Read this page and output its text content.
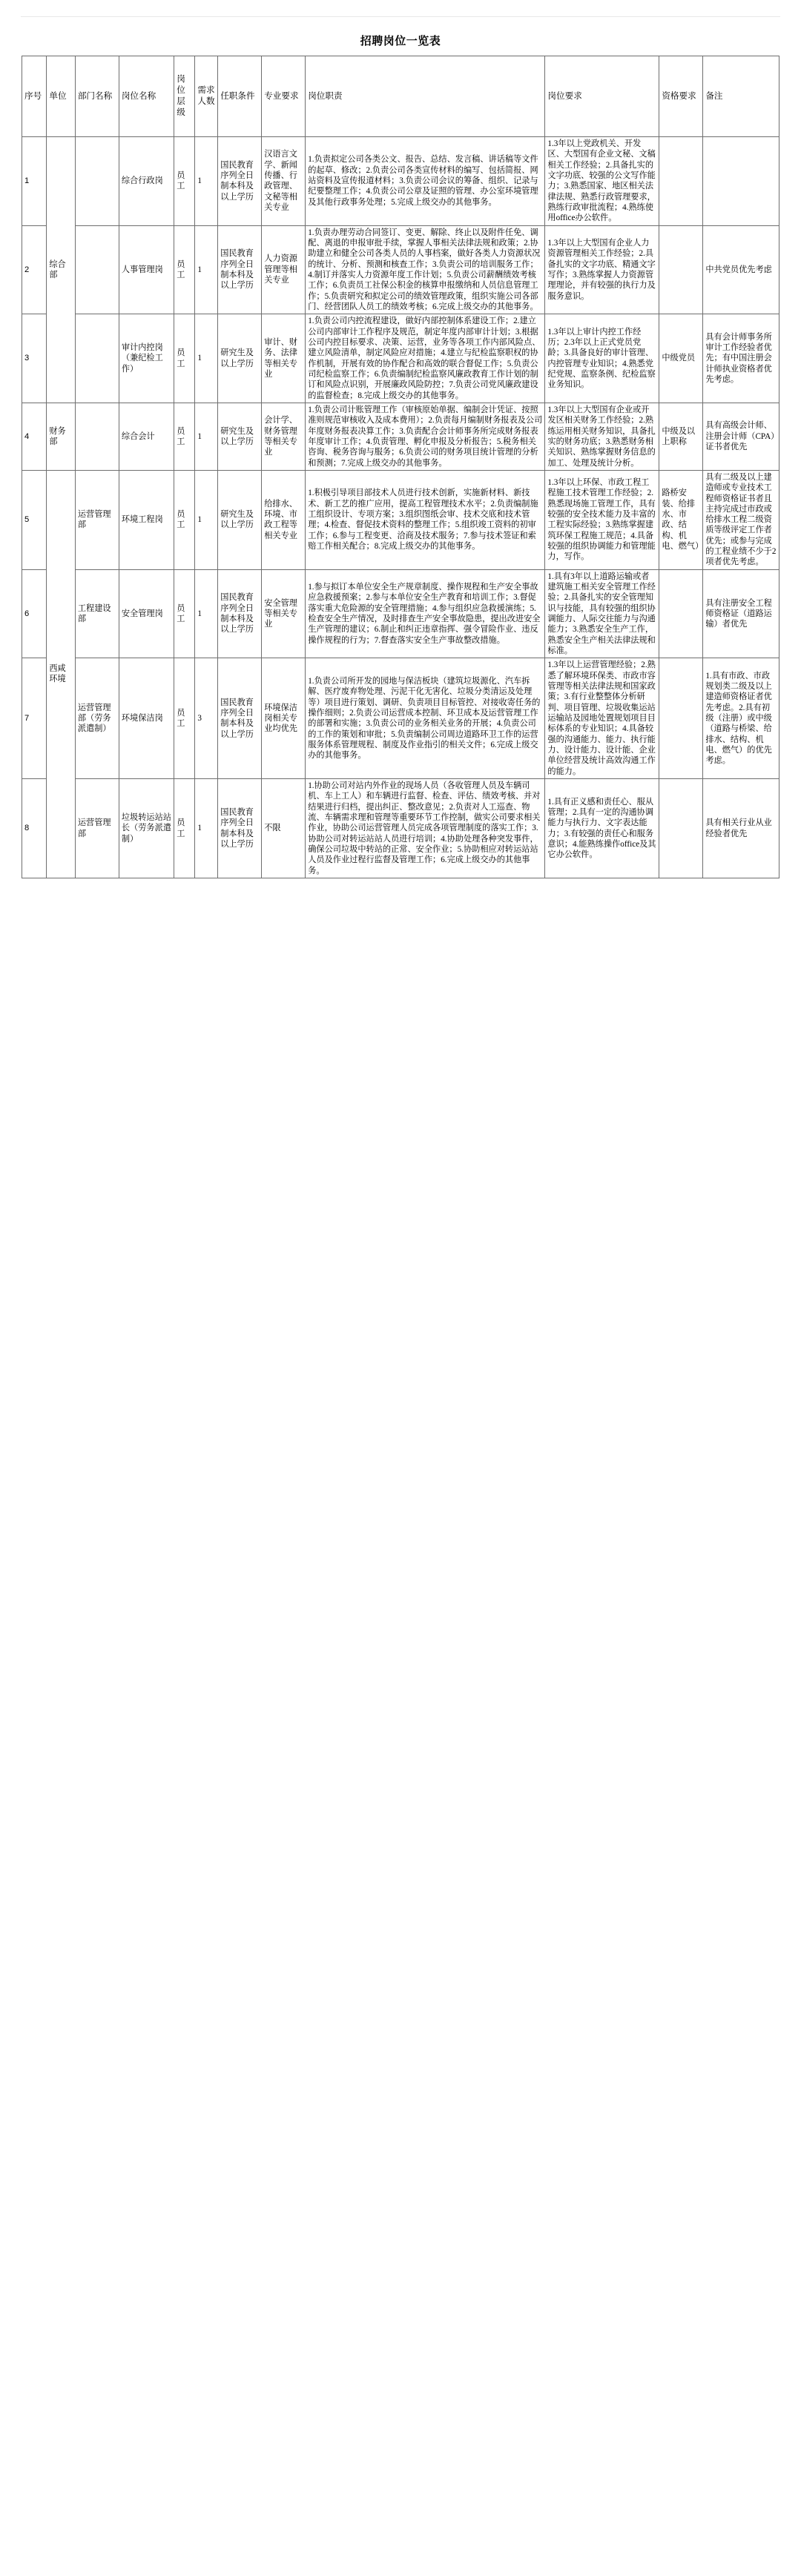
招聘岗位一览表
序号	单位	部门名称	岗位名称	岗位层级	需求人数	任职条件	专业要求	岗位职责	岗位要求	资格要求	备注
1	综合部		综合行政岗	员工	1	国民教育序列全日制本科及以上学历	汉语言文学、新闻传播、行政管理、文秘等相关专业	1.负责拟定公司各类公文、报告、总结、发言稿、讲话稿等文件的起草、修改；2.负责公司各类宣传材料的编写、包括简报、网站资料及宣传报道材料；3.负责公司会议的筹备、组织、记录与纪要整理工作；4.负责公司公章及证照的管理、办公室环境管理及其他行政事务处理；5.完成上级交办的其他事务。	1.3年以上党政机关、开发区、大型国有企业文秘、文稿相关工作经验；2.具备扎实的文字功底、较强的公文写作能力；3.熟悉国家、地区相关法律法规、熟悉行政管理要求，熟练行政审批流程；4.熟练使用office办公软件。		
2			人事管理岗	员工	1	国民教育序列全日制本科及以上学历	人力资源管理等相关专业	1.负责办理劳动合同签订、变更、解除、终止以及附件任免、调配、离退的申报审批手续，掌握人事相关法律法规和政策；2.协助建立和健全公司各类人员的人事档案，做好各类人力资源状况的统计、分析、预测和核查工作；3.负责公司的培训服务工作；4.制订并落实人力资源年度工作计划；5.负责公司薪酬绩效考核工作；6.负责员工社保公积金的核算申报缴纳和人员信息管理工作；5.负责研究和拟定公司的绩效管理政策，组织实施公司各部门、经营团队人员工的绩效考核；6.完成上级交办的其他事务。	1.3年以上大型国有企业人力资源管理相关工作经验；2.具备扎实的文字功底、精通文字写作；3.熟练掌握人力资源管理理论，并有较强的执行力及服务意识。		中共党员优先考虑
3			审计内控岗（兼纪检工作）	员工	1	研究生及以上学历	审计、财务、法律等相关专业	1.负责公司内控流程建设，做好内部控制体系建设工作；2.建立公司内部审计工作程序及规范，制定年度内部审计计划；3.根据公司内控目标要求、决策、运营，业务等各项工作内部风险点、建立风险清单，制定风险应对措施；4.建立与纪检监察职权的协作机制，开展有效的协作配合和高效的联合督促工作；5.负责公司纪检监察工作；6.负责编制纪检监察风廉政教育工作计划的制订和风险点识别，开展廉政风险防控；7.负责公司党风廉政建设的监督检查；8.完成上级交办的其他事务。	1.3年以上审计内控工作经历；2.3年以上正式党员党龄；3.具备良好的审计管理、内控管理专业知识；4.熟悉党纪党规、监察条例、纪检监察业务知识。	中级党员	具有会计师事务所审计工作经验者优先；有中国注册会计师执业资格者优先考虑。
4	财务部		综合会计	员工	1	研究生及以上学历	会计学、财务管理等相关专业	1.负责公司计账管理工作（审核原始单据、编制会计凭证、按照准则规范审核收入及成本费用）；2.负责每月编制财务报表及公司年度财务报表决算工作；3.负责配合会计师事务所完成财务报表年度审计工作；4.负责管理、孵化申报及分析报告；5.税务相关咨询、税务咨询与服务；6.负责公司的财务项目统计管理的分析和预测；7.完成上级交办的其他事务。	1.3年以上大型国有企业或开发区相关财务工作经验；2.熟练运用相关财务知识，具备扎实的财务功底；3.熟悉财务相关知识、熟练掌握财务信息的加工、处理及统计分析。	中级及以上职称	具有高级会计师、注册会计师（CPA）证书者优先
5	西咸环境	运营管理部	环境工程岗	员工	1	研究生及以上学历	给排水、环境、市政工程等相关专业	1.积极引导项目部技术人员进行技术创新，实施新材料、新技术、新工艺的推广应用，提高工程管理技术水平；2.负责编制施工组织设计、专项方案；3.组织图纸会审、技术交底和技术管理；4.检查、督促技术资料的整理工作；5.组织竣工资料的初审工作；6.参与工程变更、洽商及技术服务；7.参与技术签证和索赔工作相关配合；8.完成上级交办的其他事务。	1.3年以上环保、市政工程工程施工技术管理工作经验；2.熟悉现场施工管理工作，具有较强的安全技术能力及丰富的工程实际经验；3.熟练掌握建筑环保工程施工规范；4.具备较强的组织协调能力和管理能力，写作。	路桥安装、给排水、市政、结构、机电、燃气）	具有二级及以上建造师或专业技术工程师资格证书者且主持完成过市政或给排水工程二级资质等级评定工作者优先；或参与完成的工程业绩不少于2项者优先考虑。
6		工程建设部	安全管理岗	员工	1	国民教育序列全日制本科及以上学历	安全管理等相关专业	1.参与拟订本单位安全生产规章制度、操作规程和生产安全事故应急救援预案；2.参与本单位安全生产教育和培训工作；3.督促落实重大危险源的安全管理措施；4.参与组织应急救援演练；5.检查安全生产情况，及时排查生产安全事故隐患，提出改进安全生产管理的建议；6.制止和纠正违章指挥、强令冒险作业、违反操作规程的行为；7.督查落实安全生产事故整改措施。	1.具有3年以上道路运输或者建筑施工相关安全管理工作经验；2.具备扎实的安全管理知识与技能，具有较强的组织协调能力、人际交往能力与沟通能力；3.熟悉安全生产工作，熟悉安全生产相关法律法规和标准。		具有注册安全工程师资格证（道路运输）者优先
7		运营管理部（劳务派遣制）	环境保洁岗	员工	3	国民教育序列全日制本科及以上学历	环境保洁岗相关专业均优先	1.负责公司所开发的园地与保洁板块（建筑垃圾源化、汽车拆解、医疗废弃物处理、污泥干化无害化、垃圾分类清运及处理等）项目进行策划、调研、负责项目目标管控、对接收寄任务的操作细则；2.负责公司运营成本控制、环卫成本及运营管理工作的部署和实施；3.负责公司的业务相关业务的开展；4.负责公司的工作的策划和审批；5.负责编制公司周边道路环卫工作的运营服务体系管理规程、制度及作业指引的相关文件；6.完成上级交办的其他事务。	1.3年以上运营管理经验；2.熟悉了解环境环保类、市政市容管理等相关法律法规和国家政策；3.有行业整整体分析研判、项目管理、垃圾收集运站运输站及园地处置规划项目目标体系的专业知识；4.具备较强的沟通能力、能力、执行能力、设计能力、设计能、企业单位经营及统计高效沟通工作的能力。		1.具有市政、市政规划类二级及以上建造师资格证者优先考虑。2.具有初级（注册）或中级（道路与桥梁、给排水、结构、机电、燃气）的优先考虑。
8		运营管理部	垃圾转运站站长（劳务派遣制）	员工	1	国民教育序列全日制本科及以上学历	不限	1.协助公司对站内外作业的现场人员（各收管理人员及车辆司机、车上工人）和车辆进行监督、检查、评估、绩效考核、并对结果进行归档，提出纠正、整改意见；2.负责对人工巡查、物流、车辆需求理和管理等重要环节工作控制，做实公司要求相关作业，协助公司运营管理人员完成各项管理制度的落实工作；3.协助公司对转运站站人员进行培训；4.协助处理各种突发事件，确保公司垃圾中转站的正常、安全作业；5.协助相应对转运站站人员及作业过程行监督及管理工作；6.完成上级交办的其他事务。	1.具有正义感和责任心、服从管理；2.具有一定的沟通协调能力与执行力、文字表达能力；3.有较强的责任心和服务意识；4.能熟练操作office及其它办公软件。		具有相关行业从业经验者优先
